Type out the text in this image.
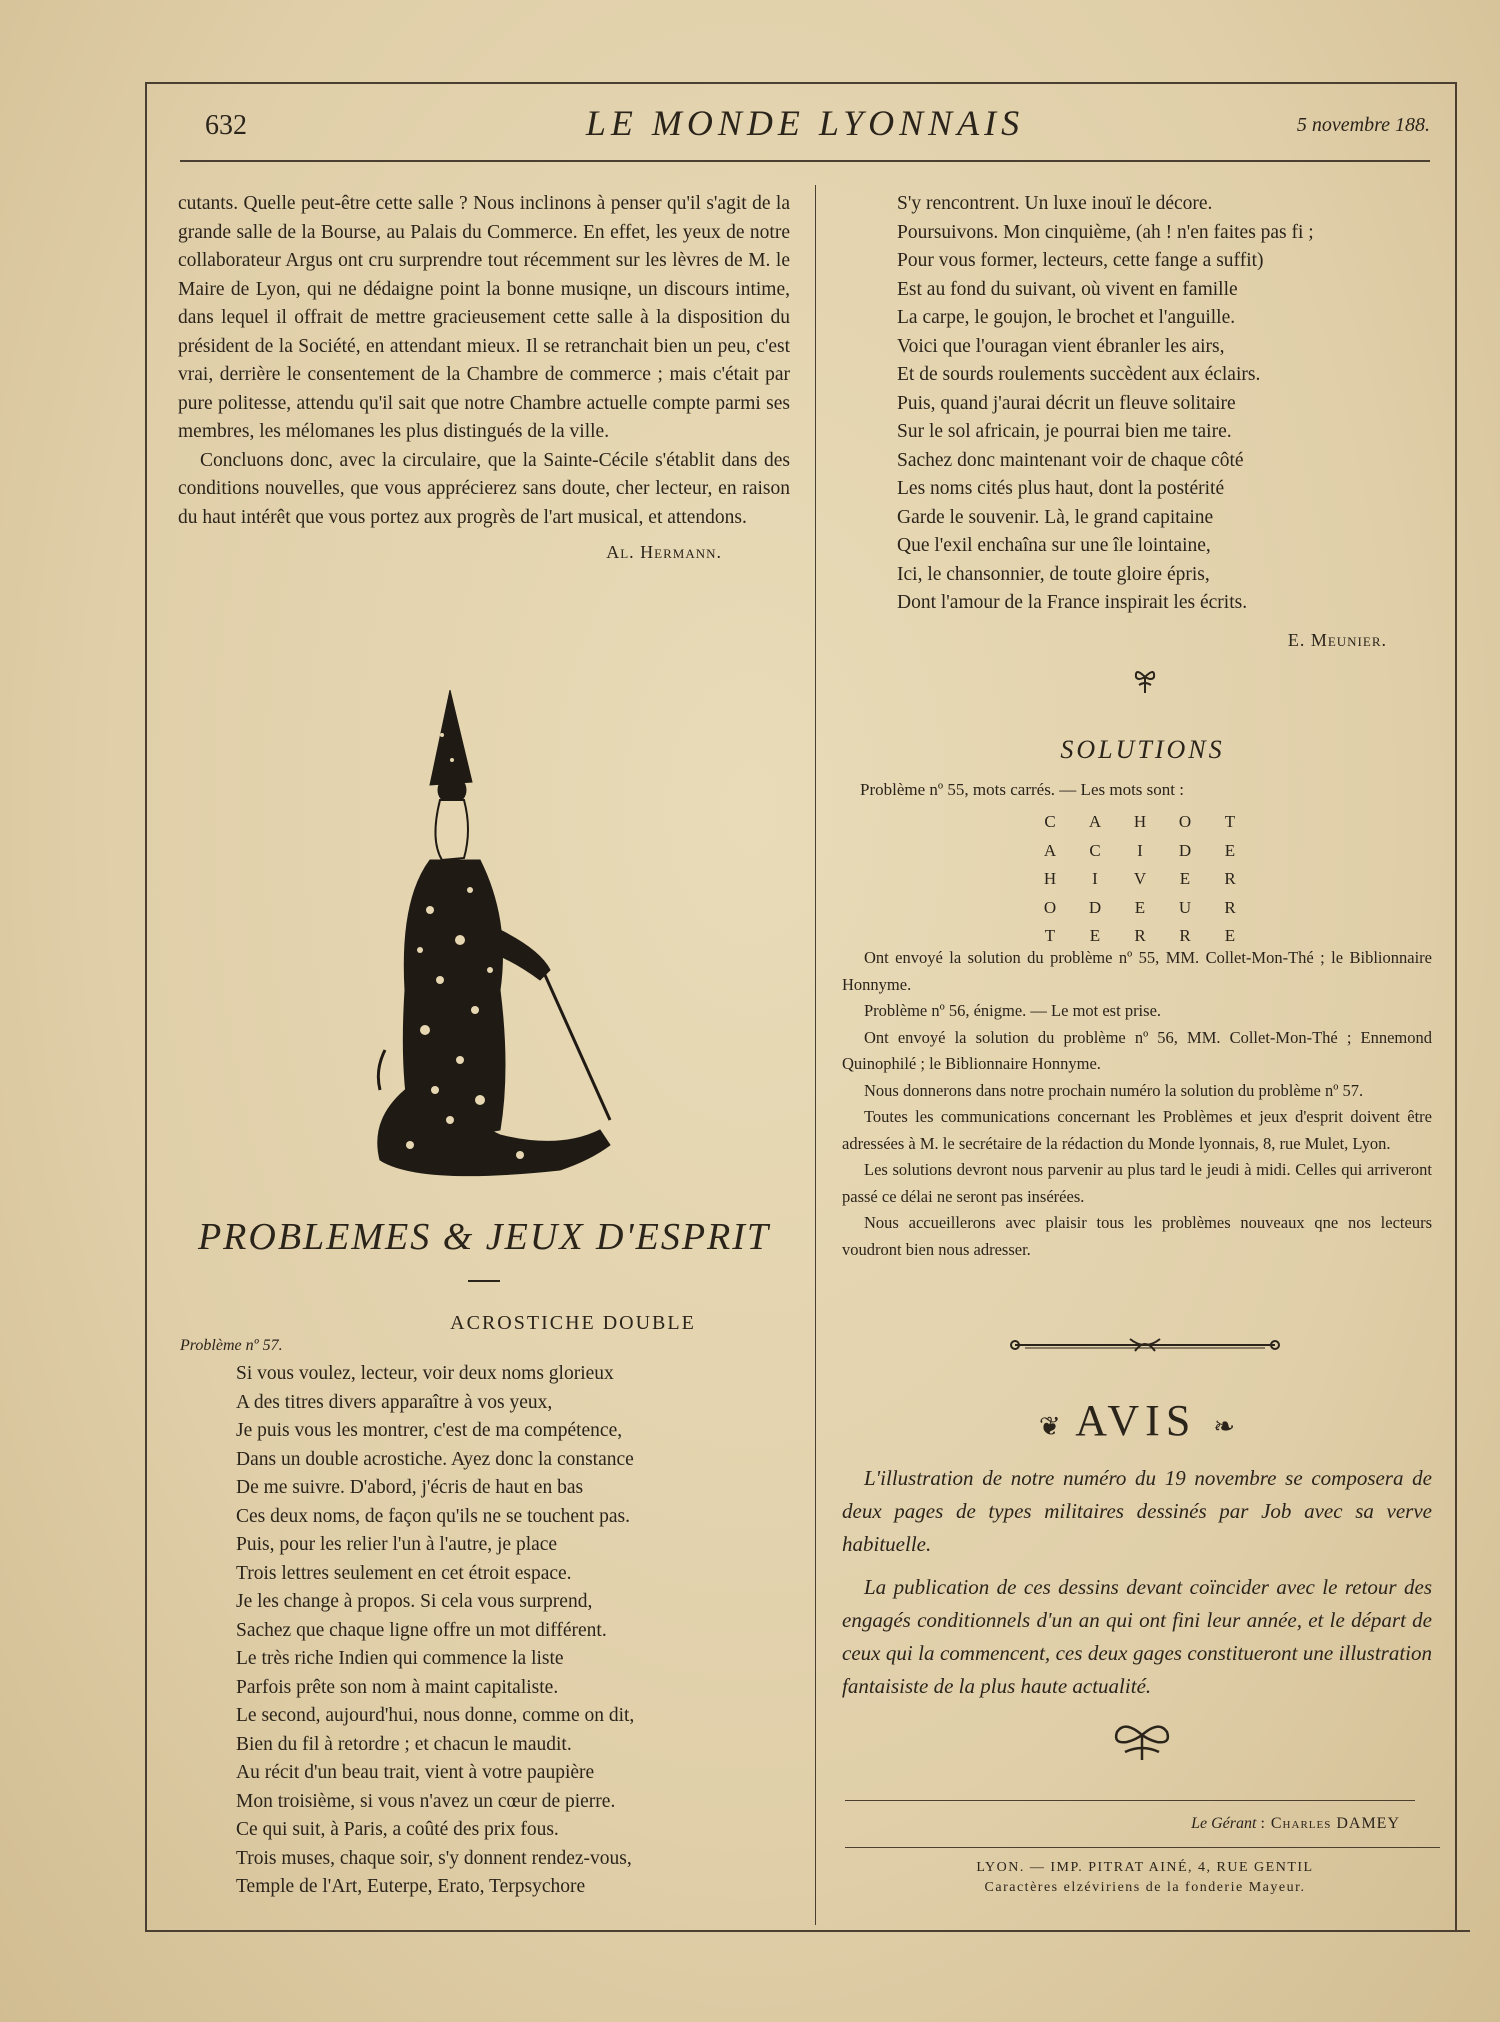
632	LE MONDE LYONNAIS	5 novembre 188.
cutants. Quelle peut-être cette salle ? Nous inclinons à penser qu'il s'agit de la grande salle de la Bourse, au Palais du Commerce. En effet, les yeux de notre collaborateur Argus ont cru surprendre tout récemment sur les lèvres de M. le Maire de Lyon, qui ne dédaigne point la bonne musiqne, un discours intime, dans lequel il offrait de mettre gracieusement cette salle à la disposition du président de la Société, en attendant mieux. Il se retranchait bien un peu, c'est vrai, derrière le consentement de la Chambre de commerce ; mais c'était par pure politesse, attendu qu'il sait que notre Chambre actuelle compte parmi ses membres, les mélomanes les plus distingués de la ville.
Concluons donc, avec la circulaire, que la Sainte-Cécile s'établit dans des conditions nouvelles, que vous apprécierez sans doute, cher lecteur, en raison du haut intérêt que vous portez aux progrès de l'art musical, et attendons.
Al. Hermann.
PROBLEMES & JEUX D'ESPRIT
ACROSTICHE DOUBLE
Problème nº 57.
Si vous voulez, lecteur, voir deux noms glorieux
A des titres divers apparaître à vos yeux,
Je puis vous les montrer, c'est de ma compétence,
Dans un double acrostiche. Ayez donc la constance
De me suivre. D'abord, j'écris de haut en bas
Ces deux noms, de façon qu'ils ne se touchent pas.
Puis, pour les relier l'un à l'autre, je place
Trois lettres seulement en cet étroit espace.
Je les change à propos. Si cela vous surprend,
Sachez que chaque ligne offre un mot différent.
Le très riche Indien qui commence la liste
Parfois prête son nom à maint capitaliste.
Le second, aujourd'hui, nous donne, comme on dit,
Bien du fil à retordre ; et chacun le maudit.
Au récit d'un beau trait, vient à votre paupière
Mon troisième, si vous n'avez un cœur de pierre.
Ce qui suit, à Paris, a coûté des prix fous.
Trois muses, chaque soir, s'y donnent rendez-vous,
Temple de l'Art, Euterpe, Erato, Terpsychore
S'y rencontrent. Un luxe inouï le décore.
Poursuivons. Mon cinquième, (ah ! n'en faites pas fi ;
Pour vous former, lecteurs, cette fange a suffit)
Est au fond du suivant, où vivent en famille
La carpe, le goujon, le brochet et l'anguille.
Voici que l'ouragan vient ébranler les airs,
Et de sourds roulements succèdent aux éclairs.
Puis, quand j'aurai décrit un fleuve solitaire
Sur le sol africain, je pourrai bien me taire.
Sachez donc maintenant voir de chaque côté
Les noms cités plus haut, dont la postérité
Garde le souvenir. Là, le grand capitaine
Que l'exil enchaîna sur une île lointaine,
Ici, le chansonnier, de toute gloire épris,
Dont l'amour de la France inspirait les écrits.
E. Meunier.
SOLUTIONS
Problème nº 55, mots carrés. — Les mots sont :
C A H O T
A C	I	D E
H	I	V E R
O D E U R
T E R R E

Ont envoyé la solution du problème nº 55, MM. Collet-Mon-Thé ; le Biblionnaire Honnyme.

Problème nº 56, énigme. — Le mot est prise.

Ont envoyé la solution du problème nº 56, MM. Collet-Mon-Thé ; Ennemond Quinophilé ; le Biblionnaire Honnyme.

Nous donnerons dans notre prochain numéro la solution du problème nº 57.

Toutes les communications concernant les Problèmes et jeux d'esprit doivent être adressées à M. le secrétaire de la rédaction du Monde lyonnais, 8, rue Mulet, Lyon.

Les solutions devront nous parvenir au plus tard le jeudi à midi. Celles qui arriveront passé ce délai ne seront pas insérées.

Nous accueillerons avec plaisir tous les problèmes nouveaux qne nos lecteurs voudront bien nous adresser.

❦ AVIS ❧

L'illustration de notre numéro du 19 novembre se composera de deux pages de types militaires dessinés par Job avec sa verve habituelle.

La publication de ces dessins devant coïncider avec le retour des engagés conditionnels d'un an qui ont fini leur année, et le départ de ceux qui la commencent, ces deux gages constitueront une illustration fantaisiste de la plus haute actualité.

Le Gérant : Charles DAMEY
LYON. — IMP. PITRAT AINÉ, 4, RUE GENTIL
Caractères elzéviriens de la fonderie Mayeur.
